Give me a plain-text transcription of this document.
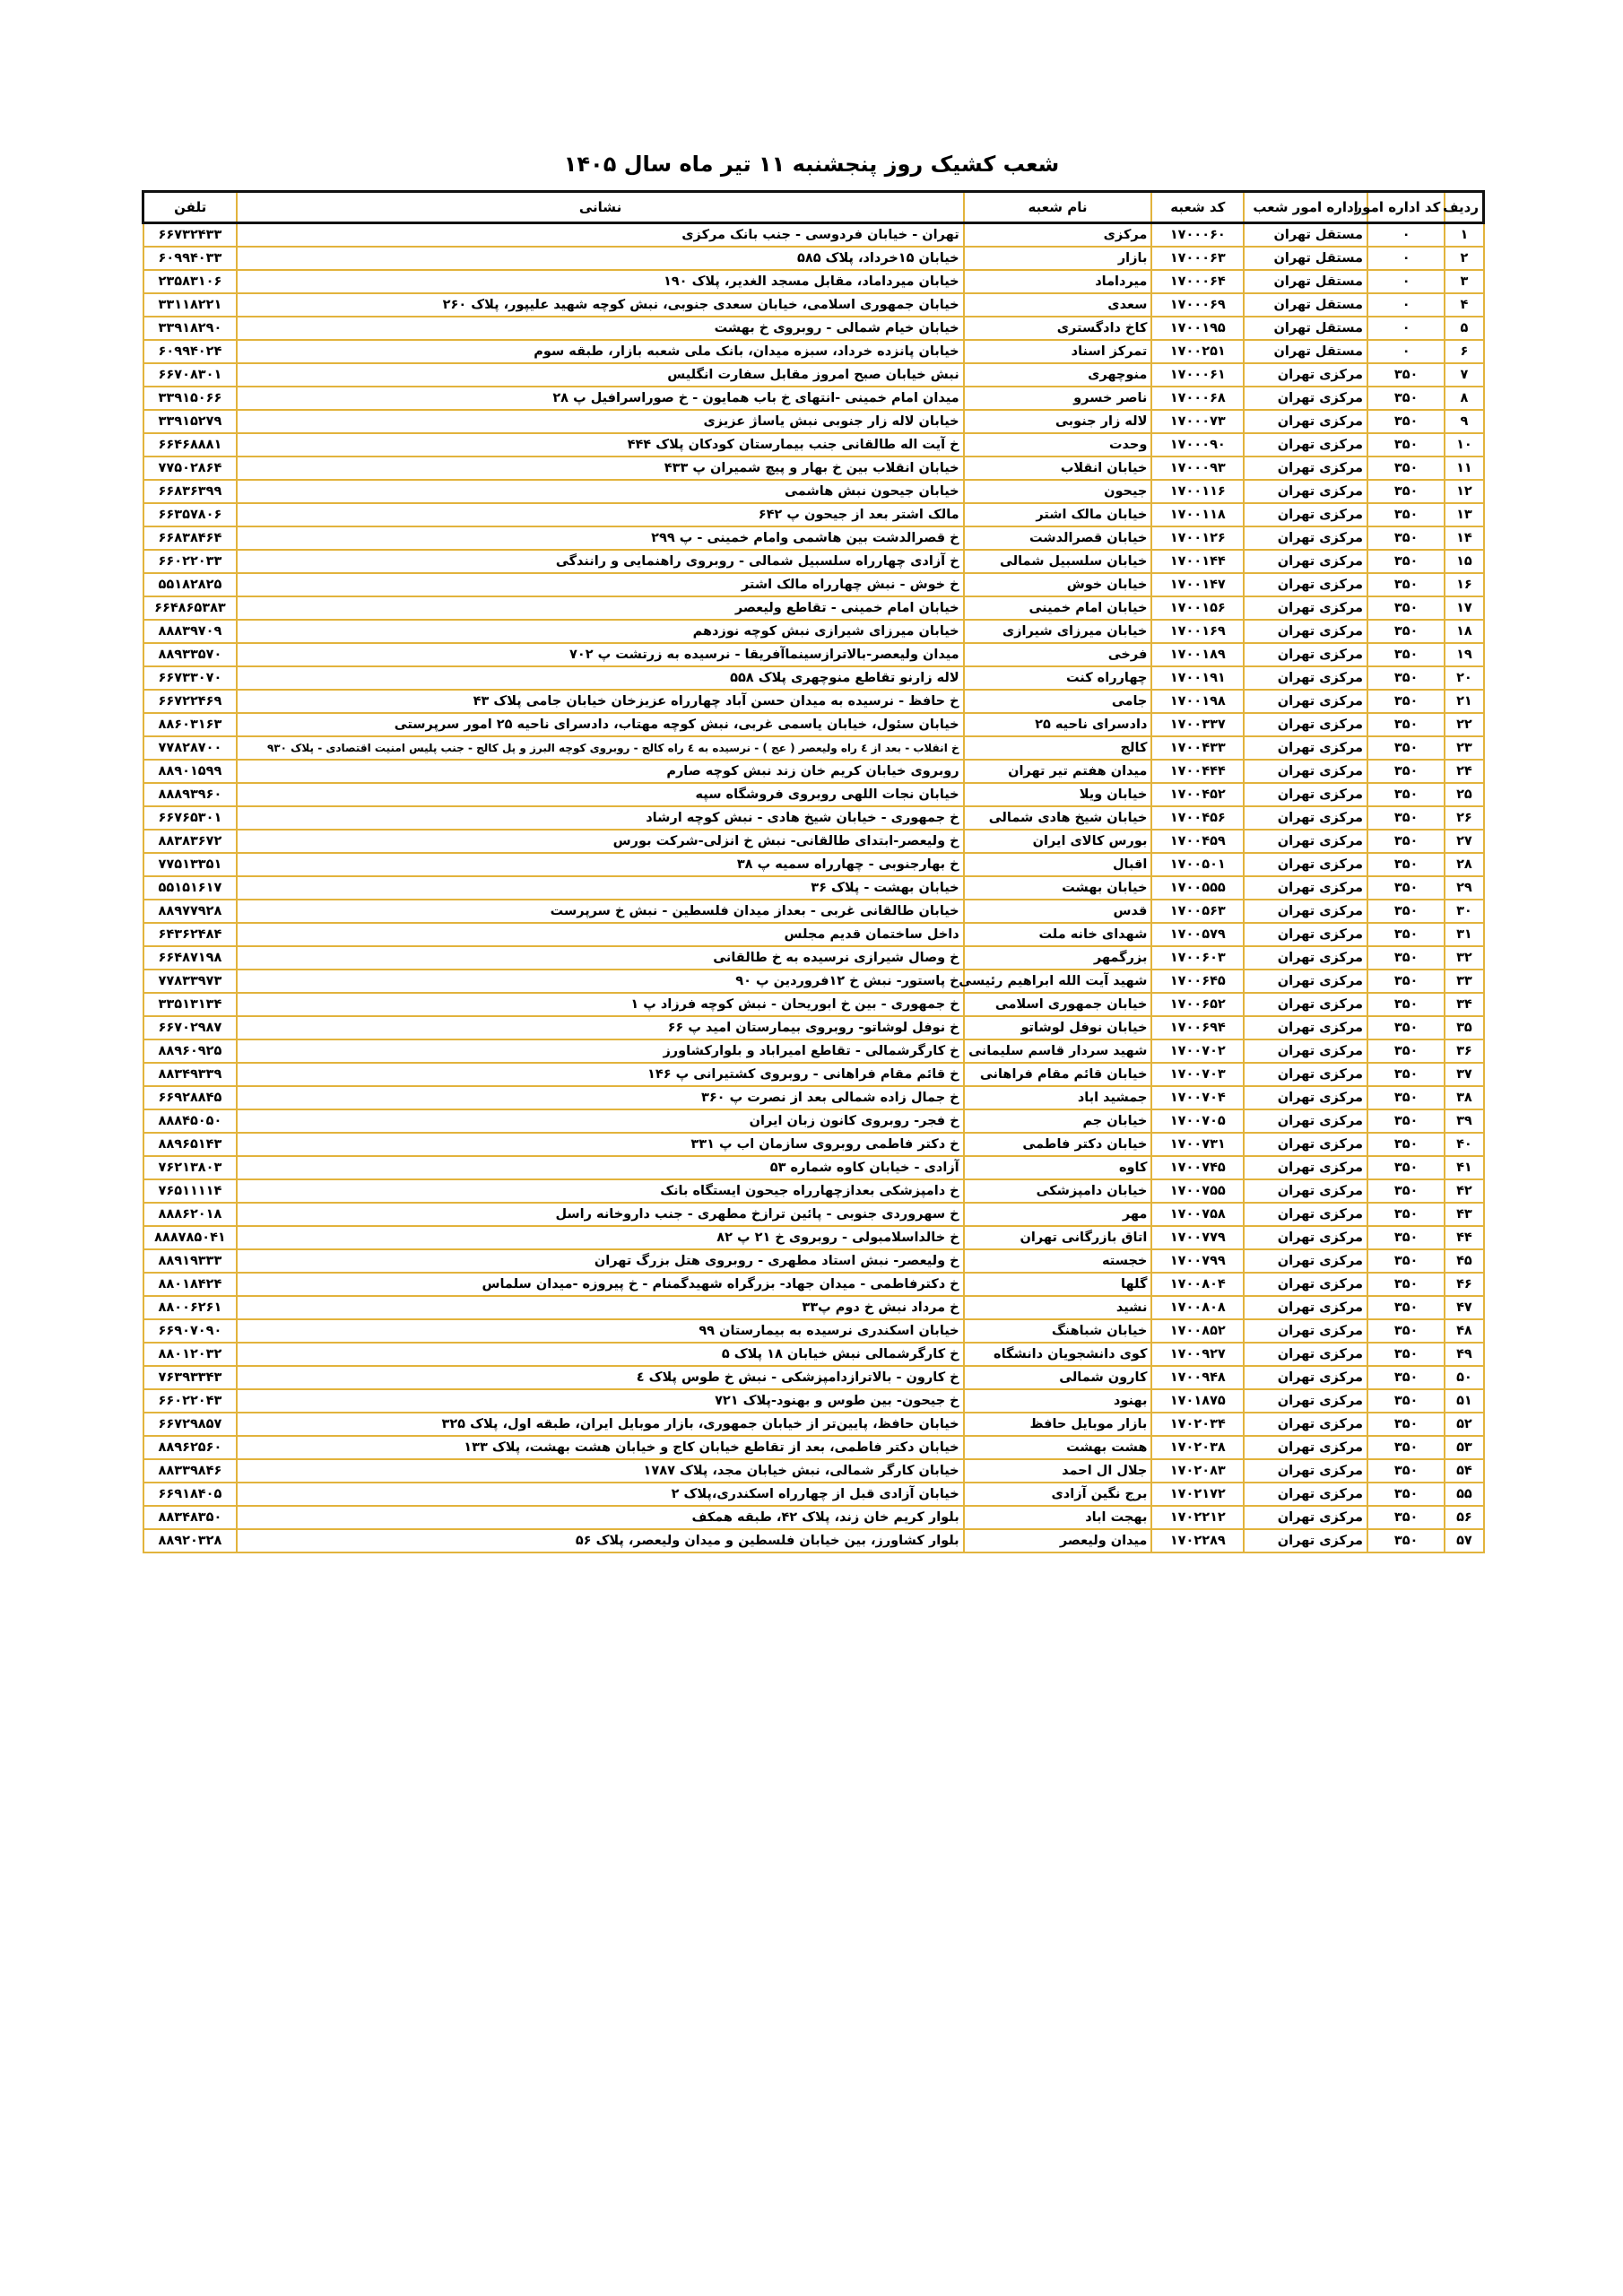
شعب کشیک روز پنجشنبه ۱۱ تیر ماه سال ۱۴۰۵
ردیف	کد اداره امور	اداره امور شعب	کد شعبه	نام شعبه	نشانی	تلفن
۱	۰	مستقل تهران	۱۷۰۰۰۶۰	مرکزی	تهران - خیابان فردوسی - جنب بانک مرکزی	۶۶۷۳۲۴۳۳
۲	۰	مستقل تهران	۱۷۰۰۰۶۳	بازار	خیابان ۱۵خرداد، پلاک ۵۸۵	۶۰۹۹۴۰۳۳
۳	۰	مستقل تهران	۱۷۰۰۰۶۴	میرداماد	خیابان میرداماد، مقابل مسجد الغدیر، پلاک ۱۹۰	۲۳۵۸۳۱۰۶
۴	۰	مستقل تهران	۱۷۰۰۰۶۹	سعدی	خیابان جمهوری اسلامی، خیابان سعدی جنوبی، نبش کوچه شهید علیپور، پلاک ۲۶۰	۳۳۱۱۸۲۲۱
۵	۰	مستقل تهران	۱۷۰۰۱۹۵	کاخ دادگستری	خیابان خیام شمالی - روبروی خ بهشت	۳۳۹۱۸۲۹۰
۶	۰	مستقل تهران	۱۷۰۰۲۵۱	تمرکز اسناد	خیابان پانزده خرداد، سبزه میدان، بانک ملی شعبه بازار، طبقه سوم	۶۰۹۹۴۰۲۴
۷	۳۵۰	مرکزی تهران	۱۷۰۰۰۶۱	منوچهری	نبش خیابان صبح امروز مقابل سفارت انگلیس	۶۶۷۰۸۳۰۱
۸	۳۵۰	مرکزی تهران	۱۷۰۰۰۶۸	ناصر خسرو	میدان امام خمینی -انتهای خ باب همایون - خ صوراسرافیل پ ۲۸	۳۳۹۱۵۰۶۶
۹	۳۵۰	مرکزی تهران	۱۷۰۰۰۷۳	لاله زار جنوبی	خیابان لاله زار جنوبی نبش یاساژ عزیزی	۳۳۹۱۵۲۷۹
۱۰	۳۵۰	مرکزی تهران	۱۷۰۰۰۹۰	وحدت	خ آیت اله طالقانی جنب بیمارستان کودکان پلاک ۴۴۴	۶۶۴۶۸۸۸۱
۱۱	۳۵۰	مرکزی تهران	۱۷۰۰۰۹۳	خیابان انقلاب	خیابان انقلاب بین خ بهار و پیچ شمیران پ ۴۳۳	۷۷۵۰۲۸۶۴
۱۲	۳۵۰	مرکزی تهران	۱۷۰۰۱۱۶	جیحون	خیابان جیحون نبش هاشمی	۶۶۸۳۶۳۹۹
۱۳	۳۵۰	مرکزی تهران	۱۷۰۰۱۱۸	خیابان مالک اشتر	مالک اشتر بعد از جیحون پ ۶۴۲	۶۶۳۵۷۸۰۶
۱۴	۳۵۰	مرکزی تهران	۱۷۰۰۱۲۶	خیابان قصرالدشت	خ قصرالدشت بین هاشمی وامام خمینی - پ ۲۹۹	۶۶۸۳۸۴۶۴
۱۵	۳۵۰	مرکزی تهران	۱۷۰۰۱۴۴	خیابان سلسبیل شمالی	خ آزادی چهارراه سلسبیل شمالی - روبروی راهنمایی و رانندگی	۶۶۰۲۲۰۳۳
۱۶	۳۵۰	مرکزی تهران	۱۷۰۰۱۴۷	خیابان خوش	خ خوش - نبش چهارراه مالک اشتر	۵۵۱۸۲۸۲۵
۱۷	۳۵۰	مرکزی تهران	۱۷۰۰۱۵۶	خیابان امام خمینی	خیابان امام خمینی - تقاطع ولیعصر	۶۶۴۸۶۵۳۸۳
۱۸	۳۵۰	مرکزی تهران	۱۷۰۰۱۶۹	خیابان میرزای شیرازی	خیابان میرزای شیرازی نبش کوچه نوزدهم	۸۸۸۳۹۷۰۹
۱۹	۳۵۰	مرکزی تهران	۱۷۰۰۱۸۹	فرخی	میدان ولیعصر-بالاترازسینماآفریقا - نرسیده به زرتشت پ ۷۰۲	۸۸۹۳۳۵۷۰
۲۰	۳۵۰	مرکزی تهران	۱۷۰۰۱۹۱	چهارراه کنت	لاله زارنو تقاطع منوچهری پلاک ۵۵۸	۶۶۷۳۳۰۷۰
۲۱	۳۵۰	مرکزی تهران	۱۷۰۰۱۹۸	جامی	خ حافظ - نرسیده به میدان حسن آباد چهارراه عزیزخان خیابان جامی پلاک ۴۳	۶۶۷۲۲۴۶۹
۲۲	۳۵۰	مرکزی تهران	۱۷۰۰۳۳۷	دادسرای ناحیه ۲۵	خیابان سئول، خیابان یاسمی غربی، نبش کوچه مهتاب، دادسرای ناحیه ۲۵ امور سرپرستی	۸۸۶۰۳۱۶۳
۲۳	۳۵۰	مرکزی تهران	۱۷۰۰۴۳۳	کالج	خ انقلاب - بعد از ٤ راه ولیعصر ( عج ) - نرسیده به ٤ راه کالج - روبروی کوچه البرز و پل کالج - جنب پلیس امنیت اقتصادی - پلاک ۹۳۰	۷۷۸۲۸۷۰۰
۲۴	۳۵۰	مرکزی تهران	۱۷۰۰۴۴۴	میدان هفتم تیر تهران	روبروی خیابان کریم خان زند نبش کوچه صارم	۸۸۹۰۱۵۹۹
۲۵	۳۵۰	مرکزی تهران	۱۷۰۰۴۵۲	خیابان ویلا	خیابان نجات اللهی روبروی فروشگاه سپه	۸۸۸۹۳۹۶۰
۲۶	۳۵۰	مرکزی تهران	۱۷۰۰۴۵۶	خیابان شیخ هادی شمالی	خ جمهوری - خیابان شیخ هادی - نبش کوچه ارشاد	۶۶۷۶۵۳۰۱
۲۷	۳۵۰	مرکزی تهران	۱۷۰۰۴۵۹	بورس کالای ایران	خ ولیعصر-ابتدای طالقانی- نبش خ انزلی-شرکت بورس	۸۸۳۸۳۶۷۲
۲۸	۳۵۰	مرکزی تهران	۱۷۰۰۵۰۱	اقبال	خ بهارجنوبی - چهارراه سمیه پ ۳۸	۷۷۵۱۳۳۵۱
۲۹	۳۵۰	مرکزی تهران	۱۷۰۰۵۵۵	خیابان بهشت	خیابان بهشت - پلاک ۳۶	۵۵۱۵۱۶۱۷
۳۰	۳۵۰	مرکزی تهران	۱۷۰۰۵۶۳	قدس	خیابان طالقانی غربی - بعداز میدان فلسطین - نبش خ سرپرست	۸۸۹۷۷۹۲۸
۳۱	۳۵۰	مرکزی تهران	۱۷۰۰۵۷۹	شهدای خانه ملت	داخل ساختمان قدیم مجلس	۶۴۳۶۲۴۸۴
۳۲	۳۵۰	مرکزی تهران	۱۷۰۰۶۰۳	بزرگمهر	خ وصال شیرازی نرسیده به خ طالقانی	۶۶۴۸۷۱۹۸
۳۳	۳۵۰	مرکزی تهران	۱۷۰۰۶۴۵	شهید آیت الله ابراهیم رئیسی	خ پاستور- نبش خ ۱۲فروردین پ ۹۰	۷۷۸۳۳۹۷۳
۳۴	۳۵۰	مرکزی تهران	۱۷۰۰۶۵۲	خیابان جمهوری اسلامی	خ جمهوری - بین خ ابوریحان - نبش کوچه فرزاد پ ۱	۳۳۵۱۳۱۳۴
۳۵	۳۵۰	مرکزی تهران	۱۷۰۰۶۹۴	خیابان نوفل لوشاتو	خ نوفل لوشاتو- روبروی بیمارستان امید پ ۶۶	۶۶۷۰۲۹۸۷
۳۶	۳۵۰	مرکزی تهران	۱۷۰۰۷۰۲	شهید سردار قاسم سلیمانی	خ کارگرشمالی - تقاطع امیراباد و بلوارکشاورز	۸۸۹۶۰۹۲۵
۳۷	۳۵۰	مرکزی تهران	۱۷۰۰۷۰۳	خیابان قائم مقام فراهانی	خ قائم مقام فراهانی - روبروی کشتیرانی پ ۱۴۶	۸۸۳۴۹۳۳۹
۳۸	۳۵۰	مرکزی تهران	۱۷۰۰۷۰۴	جمشید اباد	خ جمال زاده شمالی بعد از نصرت پ ۳۶۰	۶۶۹۲۸۸۴۵
۳۹	۳۵۰	مرکزی تهران	۱۷۰۰۷۰۵	خیابان جم	خ فجر- روبروی کانون زبان ایران	۸۸۸۴۵۰۵۰
۴۰	۳۵۰	مرکزی تهران	۱۷۰۰۷۳۱	خیابان دکتر فاطمی	خ دکتر فاطمی روبروی سازمان اب پ ۳۳۱	۸۸۹۶۵۱۴۳
۴۱	۳۵۰	مرکزی تهران	۱۷۰۰۷۴۵	کاوه	آزادی - خیابان کاوه شماره ۵۳	۷۶۲۱۳۸۰۳
۴۲	۳۵۰	مرکزی تهران	۱۷۰۰۷۵۵	خیابان دامپزشکی	خ دامپزشکی بعدازچهارراه جیحون ایستگاه بانک	۷۶۵۱۱۱۱۴
۴۳	۳۵۰	مرکزی تهران	۱۷۰۰۷۵۸	مهر	خ سهروردی جنوبی - پائین ترازخ مطهری - جنب داروخانه راسل	۸۸۸۶۲۰۱۸
۴۴	۳۵۰	مرکزی تهران	۱۷۰۰۷۷۹	اتاق بازرگانی تهران	خ خالداسلامبولی - روبروی خ ۲۱ پ ۸۲	۸۸۸۷۸۵۰۴۱
۴۵	۳۵۰	مرکزی تهران	۱۷۰۰۷۹۹	خجسته	خ ولیعصر- نبش استاد مطهری - روبروی هتل بزرگ تهران	۸۸۹۱۹۳۳۳
۴۶	۳۵۰	مرکزی تهران	۱۷۰۰۸۰۴	گلها	خ دکترفاطمی - میدان جهاد- بزرگراه شهیدگمنام - خ پیروزه -میدان سلماس	۸۸۰۱۸۴۲۴
۴۷	۳۵۰	مرکزی تهران	۱۷۰۰۸۰۸	نشید	خ مرداد نبش خ دوم پ۳۳	۸۸۰۰۶۲۶۱
۴۸	۳۵۰	مرکزی تهران	۱۷۰۰۸۵۲	خیابان شباهنگ	خیابان اسکندری نرسیده به بیمارستان ۹۹	۶۶۹۰۷۰۹۰
۴۹	۳۵۰	مرکزی تهران	۱۷۰۰۹۲۷	کوی دانشجویان دانشگاه	خ کارگرشمالی نبش خیابان ۱۸ پلاک ۵	۸۸۰۱۲۰۳۲
۵۰	۳۵۰	مرکزی تهران	۱۷۰۰۹۴۸	کارون شمالی	خ کارون - بالاترازدامپزشکی - نبش خ طوس پلاک ٤	۷۶۳۹۳۳۴۳
۵۱	۳۵۰	مرکزی تهران	۱۷۰۱۸۷۵	بهنود	خ جیحون- بین طوس و بهنود-پلاک ۷۲۱	۶۶۰۲۲۰۴۳
۵۲	۳۵۰	مرکزی تهران	۱۷۰۲۰۳۴	بازار موبایل حافظ	خیابان حافظ، پایین‌تر از خیابان جمهوری، بازار موبایل ایران، طبقه اول، پلاک ۳۲۵	۶۶۷۲۹۸۵۷
۵۳	۳۵۰	مرکزی تهران	۱۷۰۲۰۳۸	هشت بهشت	خیابان دکتر فاطمی، بعد از تقاطع خیابان کاج و خیابان هشت بهشت، پلاک ۱۳۳	۸۸۹۶۲۵۶۰
۵۴	۳۵۰	مرکزی تهران	۱۷۰۲۰۸۳	جلال ال احمد	خیابان کارگر شمالی، نبش خیابان مجد، پلاک ۱۷۸۷	۸۸۳۳۹۸۴۶
۵۵	۳۵۰	مرکزی تهران	۱۷۰۲۱۷۲	برج نگین آزادی	خیابان آزادی قبل از چهارراه اسکندری،پلاک ۲	۶۶۹۱۸۴۰۵
۵۶	۳۵۰	مرکزی تهران	۱۷۰۲۲۱۲	بهجت اباد	بلوار کریم خان زند، پلاک ۴۲، طبقه همکف	۸۸۳۴۸۳۵۰
۵۷	۳۵۰	مرکزی تهران	۱۷۰۲۲۸۹	میدان ولیعصر	بلوار کشاورز، بین خیابان فلسطین و میدان ولیعصر، پلاک ۵۶	۸۸۹۲۰۳۲۸
